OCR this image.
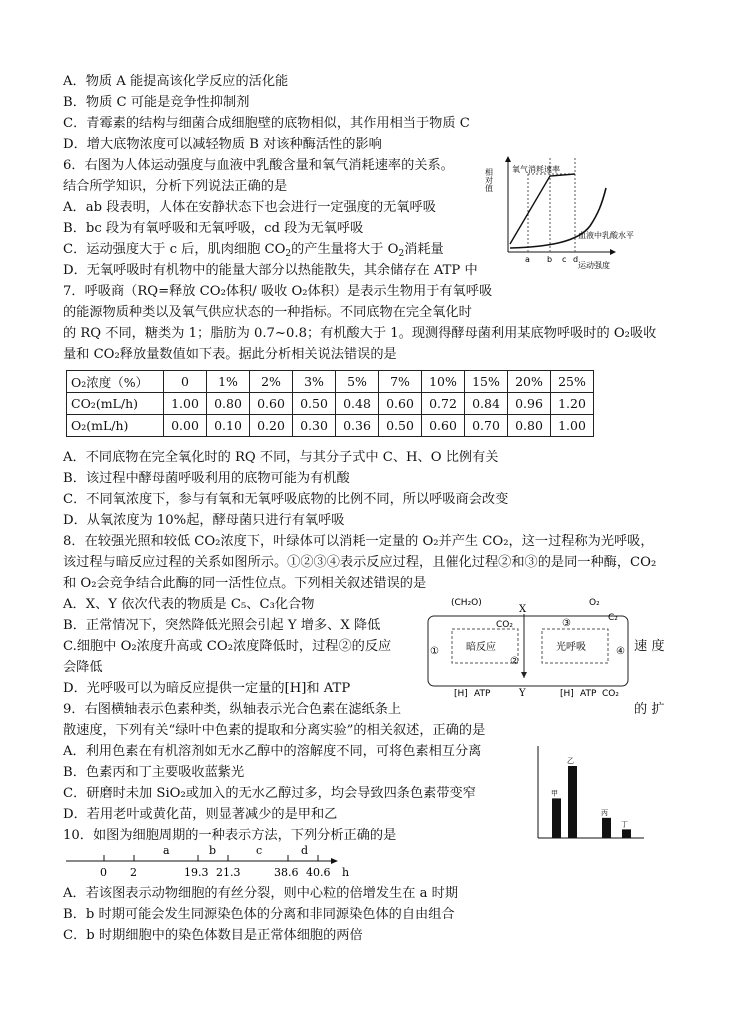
A．物质 A 能提高该化学反应的活化能
B．物质 C 可能是竞争性抑制剂
C．青霉素的结构与细菌合成细胞壁的底物相似，其作用相当于物质 C
D．增大底物浓度可以减轻物质 B 对该种酶活性的影响
6．右图为人体运动强度与血液中乳酸含量和氧气消耗速率的关系。
结合所学知识，分析下列说法正确的是
A．ab 段表明，人体在安静状态下也会进行一定强度的无氧呼吸
B．bc 段为有氧呼吸和无氧呼吸，cd 段为无氧呼吸
C．运动强度大于 c 后，肌肉细胞 $CO_2$的产生量将大于 $O_2$消耗量
D．无氧呼吸时有机物中的能量大部分以热能散失，其余储存在 ATP 中
相对值 氧气消耗速率
血液中乳酸水平
a b c d
运动强度
7．呼吸商（RQ=释放 CO₂体积/ 吸收 O₂体积）是表示生物用于有氧呼吸
的能源物质种类以及氧气供应状态的一种指标。不同底物在完全氧化时
的 RQ 不同，糖类为 1；脂肪为 0.7~0.8；有机酸大于 1。现测得酵母菌利用某底物呼吸时的 O₂吸收
量和 CO₂释放量数值如下表。据此分析相关说法错误的是
O₂浓度（%）	0	1%	2%	3%	5%	7%	10%	15%	20%	25%
CO₂(mL/h)	1.00	0.80	0.60	0.50	0.48	0.60	0.72	0.84	0.96	1.20
O₂(mL/h)	0.00	0.10	0.20	0.30	0.36	0.50	0.60	0.70	0.80	1.00
A．不同底物在完全氧化时的 RQ 不同，与其分子式中 C、H、O 比例有关
B．该过程中酵母菌呼吸利用的底物可能为有机酸
C．不同氧浓度下，参与有氧和无氧呼吸底物的比例不同，所以呼吸商会改变
D．从氧浓度为 10%起，酵母菌只进行有氧呼吸
8．在较强光照和较低 CO₂浓度下，叶绿体可以消耗一定量的 O₂并产生 CO₂，这一过程称为光呼吸，
该过程与暗反应过程的关系如图所示。①②③④表示反应过程，且催化过程②和③的是同一种酶，CO₂
和 O₂会竞争结合此酶的同一活性位点。下列相关叙述错误的是
A．X、Y 依次代表的物质是 C₅、C₃化合物
B．正常情况下，突然降低光照会引起 Y 增多、X 降低
C.细胞中 O₂浓度升高或 CO₂浓度降低时，过程②的反应	速 度
会降低
D．光呼吸可以为暗反应提供一定量的[H]和 ATP
(CH₂O)
X
Y
O₂
C₂
CO₂
CO₂
暗反应	光呼吸
①
②
③
④
[H] ATP	[H] ATP
9．右图横轴表示色素种类，纵轴表示光合色素在滤纸条上	的 扩
散速度，下列有关“绿叶中色素的提取和分离实验”的相关叙述，正确的是
A．利用色素在有机溶剂如无水乙醇中的溶解度不同，可将色素相互分离
B．色素丙和丁主要吸收蓝紫光
C．研磨时未加 SiO₂或加入的无水乙醇过多，均会导致四条色素带变窄
D．若用老叶或黄化苗，则显著减少的是甲和乙
甲
乙
丙
丁
10．如图为细胞周期的一种表示方法，下列分析正确的是
a	b	c	d
0 2	19.3 21.3	38.6 40.6 h
A．若该图表示动物细胞的有丝分裂，则中心粒的倍增发生在 a 时期
B．b 时期可能会发生同源染色体的分离和非同源染色体的自由组合
C．b 时期细胞中的染色体数目是正常体细胞的两倍
